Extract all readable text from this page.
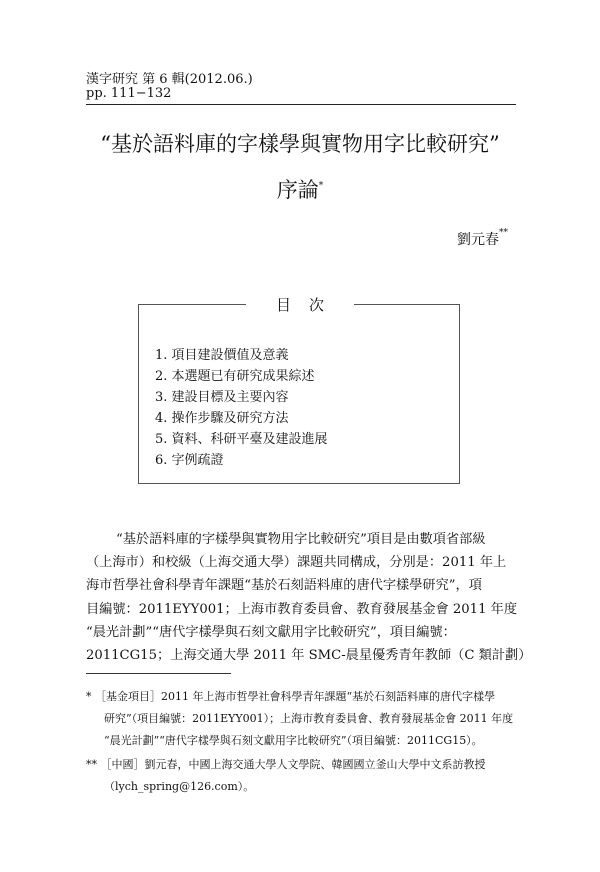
漢字研究 第 6 輯(2012.06.)
pp. 111−132
“基於語料庫的字樣學與實物用字比較研究”
序論*
劉元春**
目次
1. 項目建設價值及意義
2. 本選題已有研究成果綜述
3. 建設目標及主要內容
4. 操作步驟及研究方法
5. 資料、科研平臺及建設進展
6. 字例疏證
“基於語料庫的字樣學與實物用字比較研究”項目是由數項省部級
（上海市）和校級（上海交通大學）課題共同構成，分別是：2011 年上
海市哲學社會科學青年課題“基於石刻語料庫的唐代字樣學研究”，項
目編號：2011EYY001；上海市教育委員會、教育發展基金會 2011 年度
“晨光計劃”“唐代字樣學與石刻文獻用字比較研究”，項目編號：
2011CG15；上海交通大學 2011 年 SMC-晨星優秀青年教師（C 類計劃）
* ［基金項目］2011 年上海市哲學社會科學青年課題“基於石刻語料庫的唐代字樣學
研究”（項目編號：2011EYY001）；上海市教育委員會、教育發展基金會 2011 年度
“晨光計劃”“唐代字樣學與石刻文獻用字比較研究”（項目編號：2011CG15）。
** ［中國］劉元春，中國上海交通大學人文學院、韓國國立釜山大學中文系訪教授
（lych_spring@126.com）。
